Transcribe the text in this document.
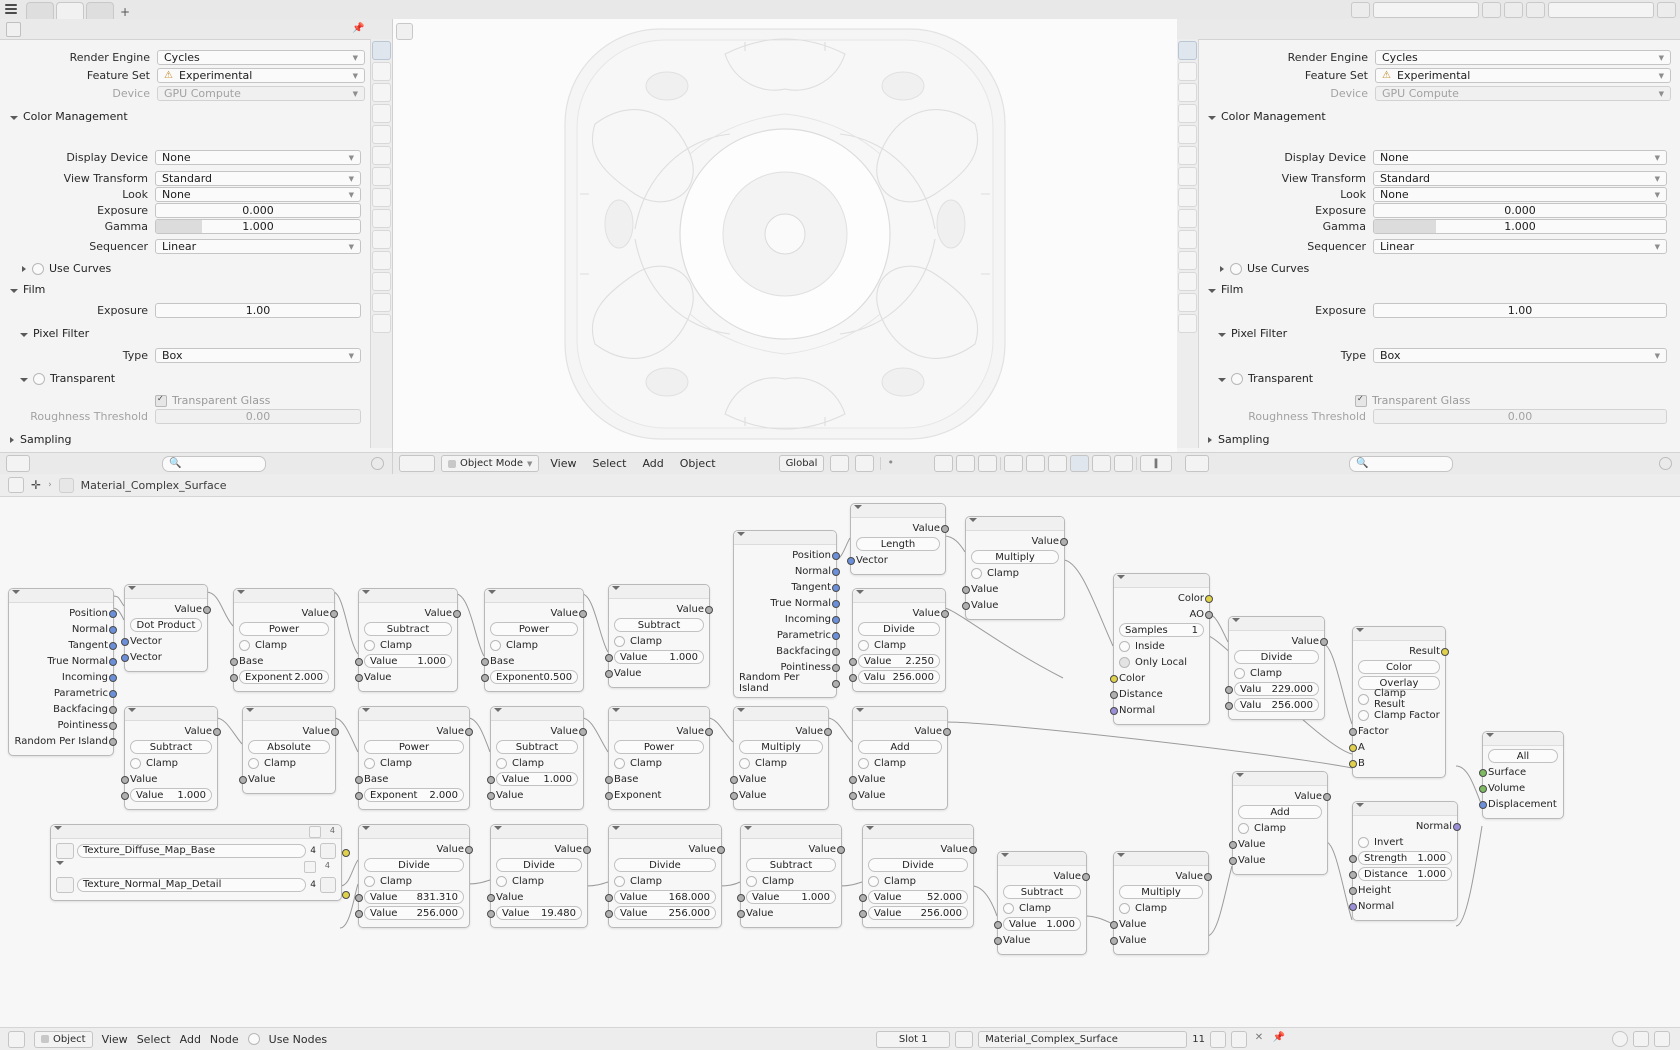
+
📌
Render Engine	Cycles	▼
Feature Set	⚠ Experimental	▼
Device	GPU Compute	▼
Color Management
Display Device	None	▼
View Transform	Standard	▼
Look	None	▼
Exposure	0.000
Gamma	1.000
Sequencer	Linear	▼
Use Curves
Film
Exposure	1.00
Pixel Filter
Type	Box	▼
Transparent
✓
Transparent Glass
Roughness Threshold	0.00
Sampling
🔍	Object Mode ▼	View	Select	Add	Object	Global	•	‖
Render Engine	Cycles	▼
Feature Set	⚠ Experimental	▼
Device	GPU Compute	▼
Color Management
Display Device	None	▼
View Transform	Standard	▼
Look	None	▼
Exposure	0.000
Gamma	1.000
Sequencer	Linear	▼
Use Curves
Film
Exposure	1.00
Pixel Filter
Type	Box	▼
Transparent
✓
Transparent Glass
Roughness Threshold	0.00
Sampling
🔍
✛ ›	Material_Complex_Surface
Position
Normal
Tangent
True Normal
Incoming
Parametric
Backfacing
Pointiness
Random Per Island
Value
Dot Product
Vector
Vector
Value
Power
Clamp
Base
Exponent 2.000
Value
Subtract
Clamp
Value 1.000
Value
Value
Power
Clamp
Base
Exponent 0.500
Value
Subtract
Clamp
Value 1.000
Value
Position
Normal
Tangent
True Normal
Incoming
Parametric
Backfacing
Pointiness
Random Per Island
Value
Length
Vector
Value
Multiply
Clamp
Value
Value
Value
Divide
Clamp
Value 2.250
Valu 256.000
Color
AO
Samples 1
Inside
Only Local
Color
Distance
Normal
Value
Divide
Clamp
Valu 229.000
Valu 256.000
Result
Color
Overlay
Clamp Result
Clamp Factor
Factor
A
B
All
Surface
Volume
Displacement
Value
Subtract
Clamp
Value
Value 1.000
Value
Absolute
Clamp
Value
Value
Power
Clamp
Base
Exponent 2.000
Value
Subtract
Clamp
Value 1.000
Value
Value
Power
Clamp
Base
Exponent
Value
Multiply
Clamp
Value
Value
Value
Add
Clamp
Value
Value	Value
Add
Clamp
Value
Value
Normal
Invert
Strength 1.000
Distance 1.000
Height
Normal
4
Texture_Diffuse_Map_Base	4
4
Texture_Normal_Map_Detail	4
Value
Divide
Clamp
Value 831.310
Value 256.000
Value
Divide
Clamp
Value
Value 19.480
Value
Divide
Clamp
Value 168.000
Value 256.000
Value
Subtract
Clamp
Value 1.000
Value
Value
Divide
Clamp
Value	52.000
Value 256.000
Value
Subtract
Clamp
Value 1.000
Value
Value
Multiply
Clamp
Value
Value
Object View Select Add Node	Use Nodes	Slot 1	Material_Complex_Surface	11	✕ 📌
